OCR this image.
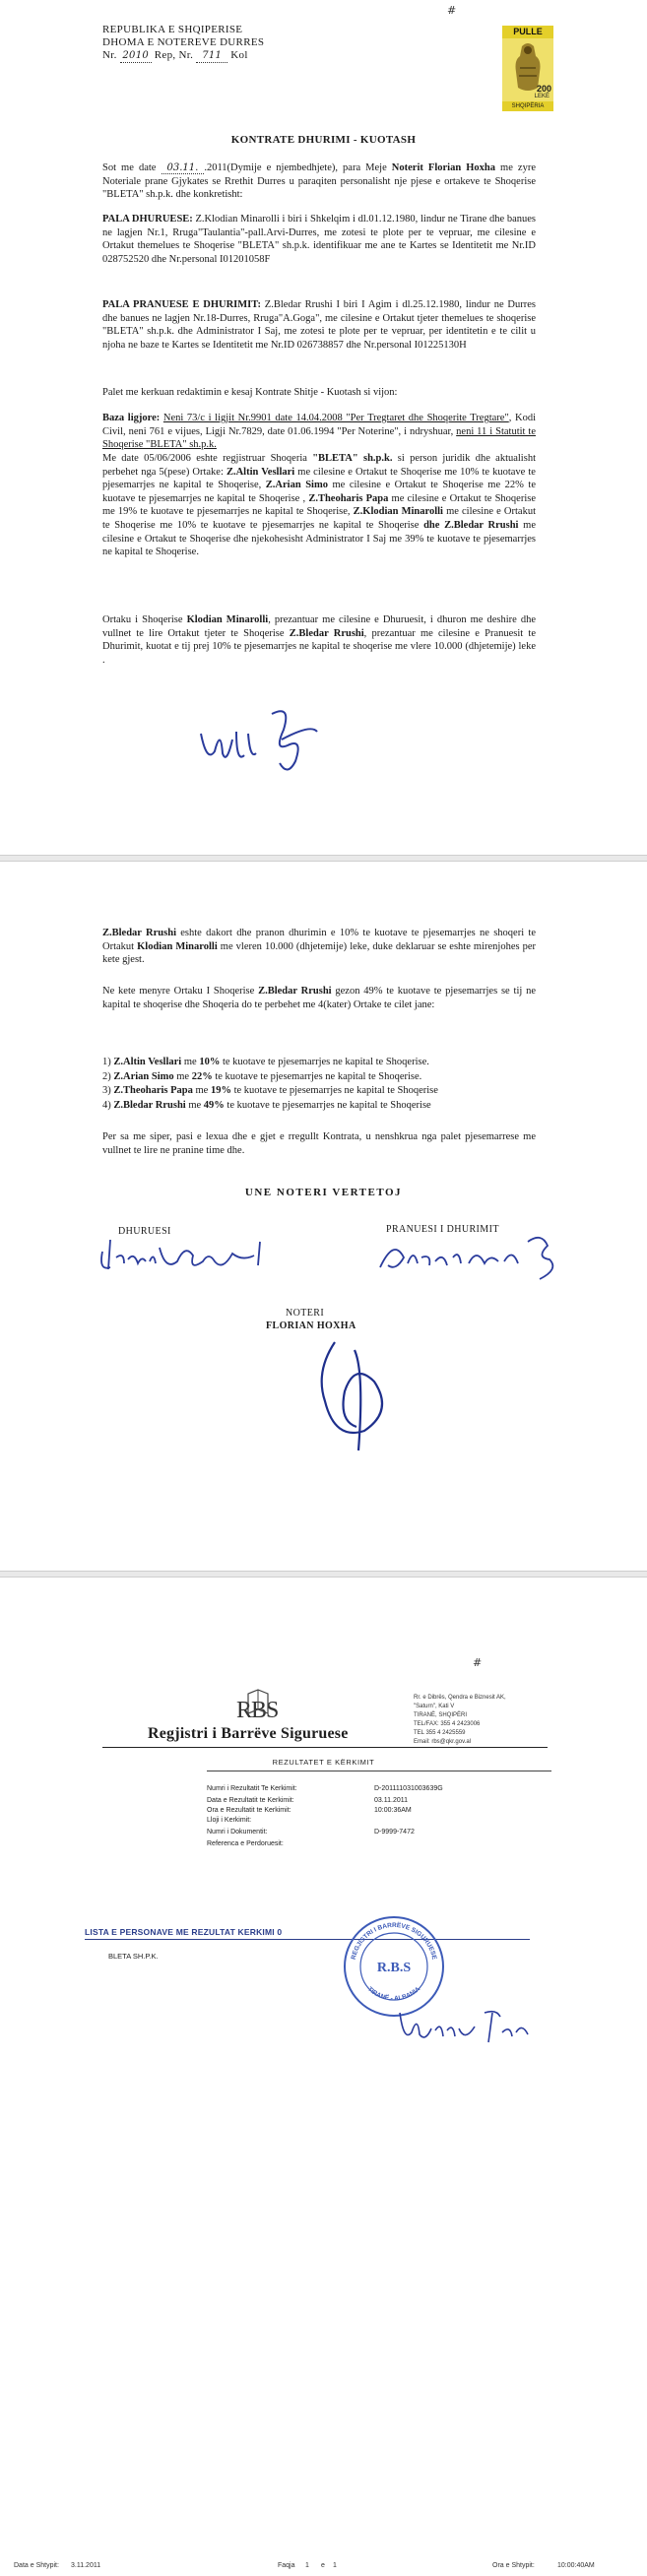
#
REPUBLIKA E SHQIPERISE
DHOMA E NOTEREVE DURRES
Nr. 2010 Rep, Nr. 711 Kol
PULLE
200
LEKË
SHQIPËRIA
KONTRATE DHURIMI - KUOTASH
Sot me date 03.11. .2011(Dymije e njembedhjete), para Meje Noterit Florian Hoxha me zyre Noteriale prane Gjykates se Rrethit Durres u paraqiten personalisht nje pjese e ortakeve te Shoqerise "BLETA" sh.p.k. dhe konkretisht:
PALA DHURUESE: Z.Klodian Minarolli i biri i Shkelqim i dl.01.12.1980, lindur ne Tirane dhe banues ne lagjen Nr.1, Rruga"Taulantia"-pall.Arvi-Durres, me zotesi te plote per te vepruar, me cilesine e Ortakut themelues te Shoqerise "BLETA" sh.p.k. identifikuar me ane te Kartes se Identitetit me Nr.ID 028752520 dhe Nr.personal I01201058F
PALA PRANUESE E DHURIMIT: Z.Bledar Rrushi I biri I Agim i dl.25.12.1980, lindur ne Durres dhe banues ne lagjen Nr.18-Durres, Rruga"A.Goga", me cilesine e Ortakut tjeter themelues te shoqerise "BLETA" sh.p.k. dhe Administrator I Saj, me zotesi te plote per te vepruar, per identitetin e te cilit u njoha ne baze te Kartes se Identitetit me Nr.ID 026738857 dhe Nr.personal I01225130H
Palet me kerkuan redaktimin e kesaj Kontrate Shitje - Kuotash si vijon:
Baza ligjore: Neni 73/c i ligjit Nr.9901 date 14.04.2008 "Per Tregtaret dhe Shoqerite Tregtare", Kodi Civil, neni 761 e vijues, Ligji Nr.7829, date 01.06.1994 "Per Noterine", i ndryshuar, neni 11 i Statutit te Shoqerise "BLETA" sh.p.k.
Me date 05/06/2006 eshte regjistruar Shoqeria "BLETA" sh.p.k. si person juridik dhe aktualisht perbehet nga 5(pese) Ortake: Z.Altin Vesllari me cilesine e Ortakut te Shoqerise me 10% te kuotave te pjesemarrjes ne kapital te Shoqerise, Z.Arian Simo me cilesine e Ortakut te Shoqerise me 22% te kuotave te pjesemarrjes ne kapital te Shoqerise , Z.Theoharis Papa me cilesine e Ortakut te Shoqerise me 19% te kuotave te pjesemarrjes ne kapital te Shoqerise, Z.Klodian Minarolli me cilesine e Ortakut te Shoqerise me 10% te kuotave te pjesemarrjes ne kapital te Shoqerise dhe Z.Bledar Rrushi me cilesine e Ortakut te Shoqerise dhe njekohesisht Administrator I Saj me 39% te kuotave te pjesemarrjes ne kapital te Shoqerise.
Ortaku i Shoqerise Klodian Minarolli, prezantuar me cilesine e Dhuruesit, i dhuron me deshire dhe vullnet te lire Ortakut tjeter te Shoqerise Z.Bledar Rrushi, prezantuar me cilesine e Pranuesit te Dhurimit, kuotat e tij prej 10% te pjesemarrjes ne kapital te shoqerise me vlere 10.000 (dhjetemije) leke .
Z.Bledar Rrushi eshte dakort dhe pranon dhurimin e 10% te kuotave te pjesemarrjes ne shoqeri te Ortakut Klodian Minarolli me vleren 10.000 (dhjetemije) leke, duke deklaruar se eshte mirenjohes per kete gjest.
Ne kete menyre Ortaku I Shoqerise Z.Bledar Rrushi gezon 49% te kuotave te pjesemarrjes se tij ne kapital te shoqerise dhe Shoqeria do te perbehet me 4(kater) Ortake te cilet jane:
1) Z.Altin Vesllari me 10% te kuotave te pjesemarrjes ne kapital te Shoqerise.
2) Z.Arian Simo me 22% te kuotave te pjesemarrjes ne kapital te Shoqerise.
3) Z.Theoharis Papa me 19% te kuotave te pjesemarrjes ne kapital te Shoqerise
4) Z.Bledar Rrushi me 49% te kuotave te pjesemarrjes ne kapital te Shoqerise
Per sa me siper, pasi e lexua dhe e gjet e rregullt Kontrata, u nenshkrua nga palet pjesemarrese me vullnet te lire ne pranine time dhe.
UNE NOTERI VERTETOJ
DHURUESI	PRANUESI I DHURIMIT
NOTERI
FLORIAN HOXHA
#
RBS
Regjistri i Barrëve Siguruese
Rr. e Dibrës, Qendra e Biznesit AK,
"Saturn", Kati V
TIRANË, SHQIPËRI
TEL/FAX: 355 4 2423006
TEL 355 4 2425559
Email: rbs@qkr.gov.al
REZULTATET E KËRKIMIT
Numri i Rezultatit Te Kerkimit:	D-201111031003639G
Data e Rezultatit te Kerkimit:	03.11.2011
Ora e Rezultatit te Kerkimit:	10:00:36AM
Lloji i Kerkimit:
Numri i Dokumentit:	D-9999-7472
Referenca e Perdoruesit:
LISTA E PERSONAVE ME REZULTAT KERKIMI 0
BLETA SH.P.K.	REGJISTRI I BARRËVE SIGURUESE
TIRANË - ALBANIA
R.B.S
Data e Shtypit: 3.11.2011	Faqja 1 e 1	Ora e Shtypit:	10:00:40AM
